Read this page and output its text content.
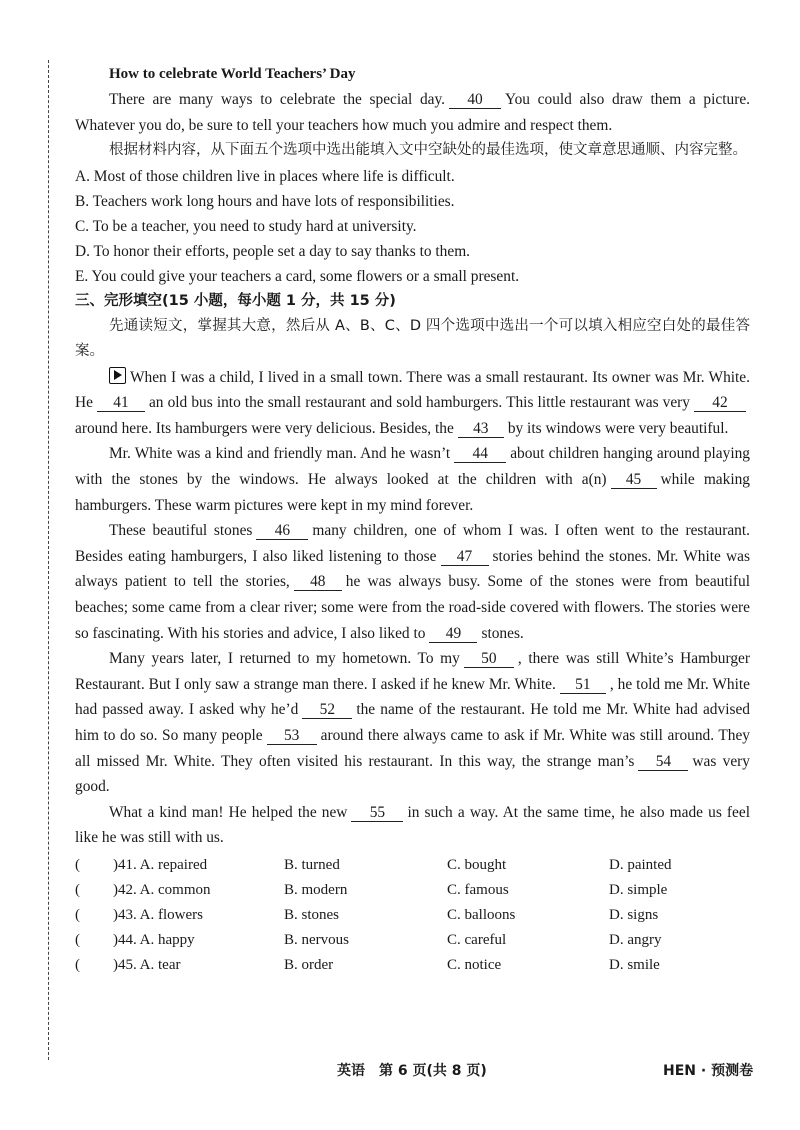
How to celebrate World Teachers’ Day

There are many ways to celebrate the special day. 40 You could also draw them a picture. Whatever you do, be sure to tell your teachers how much you admire and respect them.

根据材料内容，从下面五个选项中选出能填入文中空缺处的最佳选项，使文章意思通顺、内容完整。

A. Most of those children live in places where life is difficult.

B. Teachers work long hours and have lots of responsibilities.

C. To be a teacher, you need to study hard at university.

D. To honor their efforts, people set a day to say thanks to them.

E. You could give your teachers a card, some flowers or a small present.

三、完形填空(15 小题，每小题 1 分，共 15 分)

先通读短文，掌握其大意，然后从 A、B、C、D 四个选项中选出一个可以填入相应空白处的最佳答案。

When I was a child, I lived in a small town. There was a small restaurant. Its owner was Mr. White. He 41 an old bus into the small restaurant and sold hamburgers. This little restaurant was very 42around here. Its hamburgers were very delicious. Besides, the 43 by its windows were very beautiful.

Mr. White was a kind and friendly man. And he wasn’t 44 about children hanging around playing with the stones by the windows. He always looked at the children with a(n) 45 while making hamburgers. These warm pictures were kept in my mind forever.

These beautiful stones 46 many children, one of whom I was. I often went to the restaurant. Besides eating hamburgers, I also liked listening to those 47 stories behind the stones. Mr. White was always patient to tell the stories, 48 he was always busy. Some of the stones were from beautiful beaches; some came from a clear river; some were from the road-side covered with flowers. The stories were so fascinating. With his stories and advice, I also liked to 49 stones.

Many years later, I returned to my hometown. To my 50 , there was still White’s Hamburger Restaurant. But I only saw a strange man there. I asked if he knew Mr. White. 51 , he told me Mr. White had passed away. I asked why he’d 52 the name of the restaurant. He told me Mr. White had advised him to do so. So many people 53 around there always came to ask if Mr. White was still around. They all missed Mr. White. They often visited his restaurant. In this way, the strange man’s 54 was very good.

What a kind man! He helped the new 55 in such a way. At the same time, he also made us feel like he was still with us.

( )41. A. repaired	B. turned	C. bought	D. painted
( )42. A. common	B. modern	C. famous	D. simple
( )43. A. flowers	B. stones	C. balloons	D. signs
( )44. A. happy	B. nervous	C. careful	D. angry
( )45. A. tear	B. order	C. notice	D. smile
英语　第 6 页(共 8 页)	HEN · 预测卷
